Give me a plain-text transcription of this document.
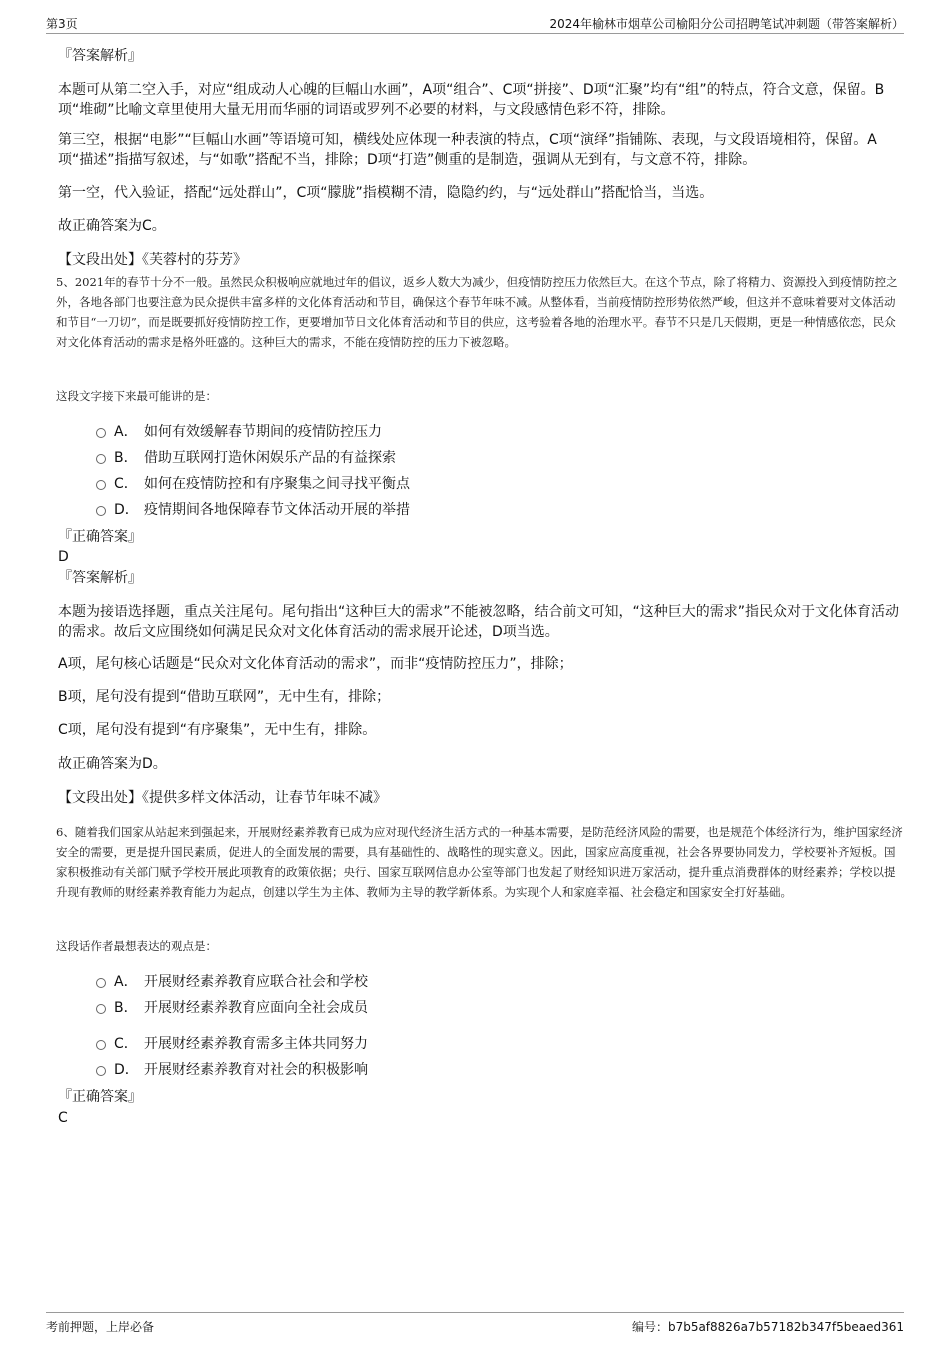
第3页	2024年榆林市烟草公司榆阳分公司招聘笔试冲刺题（带答案解析）
『答案解析』
本题可从第二空入手，对应“组成动人心魄的巨幅山水画”，A项“组合”、C项“拼接”、D项“汇聚”均有“组”的特点，符合文意，保留。B项“堆砌”比喻文章里使用大量无用而华丽的词语或罗列不必要的材料，与文段感情色彩不符，排除。
第三空，根据“电影”“巨幅山水画”等语境可知，横线处应体现一种表演的特点，C项“演绎”指铺陈、表现，与文段语境相符，保留。A项“描述”指描写叙述，与“如歌”搭配不当，排除；D项“打造”侧重的是制造，强调从无到有，与文意不符，排除。
第一空，代入验证，搭配“远处群山”，C项“朦胧”指模糊不清，隐隐约约，与“远处群山”搭配恰当，当选。
故正确答案为C。
【文段出处】《芙蓉村的芬芳》
5、2021年的春节十分不一般。虽然民众积极响应就地过年的倡议，返乡人数大为减少，但疫情防控压力依然巨大。在这个节点，除了将精力、资源投入到疫情防控之外，各地各部门也要注意为民众提供丰富多样的文化体育活动和节目，确保这个春节年味不减。从整体看，当前疫情防控形势依然严峻，但这并不意味着要对文体活动和节目“一刀切”，而是既要抓好疫情防控工作，更要增加节日文化体育活动和节目的供应，这考验着各地的治理水平。春节不只是几天假期，更是一种情感依恋，民众对文化体育活动的需求是格外旺盛的。这种巨大的需求，不能在疫情防控的压力下被忽略。
这段文字接下来最可能讲的是：
A． 如何有效缓解春节期间的疫情防控压力
B． 借助互联网打造休闲娱乐产品的有益探索
C． 如何在疫情防控和有序聚集之间寻找平衡点
D． 疫情期间各地保障春节文体活动开展的举措
『正确答案』
D
『答案解析』
本题为接语选择题，重点关注尾句。尾句指出“这种巨大的需求”不能被忽略，结合前文可知，“这种巨大的需求”指民众对于文化体育活动的需求。故后文应围绕如何满足民众对文化体育活动的需求展开论述，D项当选。
A项，尾句核心话题是“民众对文化体育活动的需求”，而非“疫情防控压力”，排除；
B项，尾句没有提到“借助互联网”，无中生有，排除；
C项，尾句没有提到“有序聚集”，无中生有，排除。
故正确答案为D。
【文段出处】《提供多样文体活动，让春节年味不减》
6、随着我们国家从站起来到强起来，开展财经素养教育已成为应对现代经济生活方式的一种基本需要，是防范经济风险的需要，也是规范个体经济行为，维护国家经济安全的需要，更是提升国民素质，促进人的全面发展的需要，具有基础性的、战略性的现实意义。因此，国家应高度重视，社会各界要协同发力，学校要补齐短板。国家积极推动有关部门赋予学校开展此项教育的政策依据；央行、国家互联网信息办公室等部门也发起了财经知识进万家活动，提升重点消费群体的财经素养；学校以提升现有教师的财经素养教育能力为起点，创建以学生为主体、教师为主导的教学新体系。为实现个人和家庭幸福、社会稳定和国家安全打好基础。
这段话作者最想表达的观点是：
A． 开展财经素养教育应联合社会和学校
B． 开展财经素养教育应面向全社会成员
C． 开展财经素养教育需多主体共同努力
D． 开展财经素养教育对社会的积极影响
『正确答案』
C
考前押题，上岸必备	编号：b7b5af8826a7b57182b347f5beaed361
